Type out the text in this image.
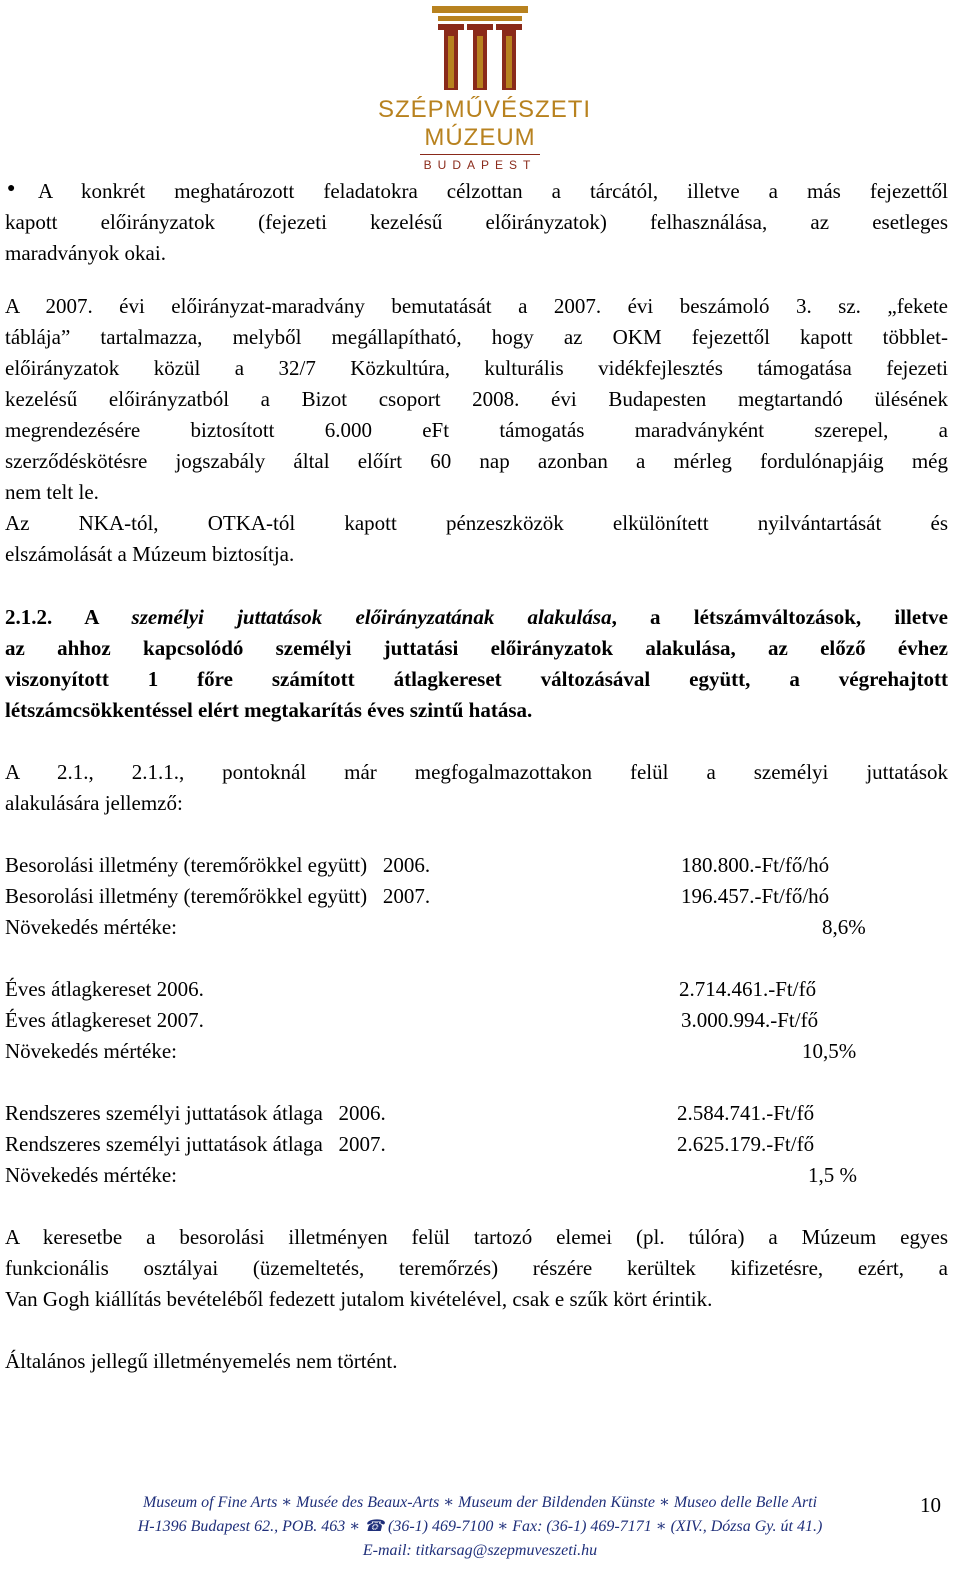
SZÉPMŰVÉSZETI
MÚZEUM
BUDAPEST
● A konkrét meghatározott feladatokra célzottan a tárcától, illetve a más fejezettől
kapott előirányzatok (fejezeti kezelésű előirányzatok) felhasználása, az esetleges
maradványok okai.
A 2007. évi előirányzat-maradvány bemutatását a 2007. évi beszámoló 3. sz. „fekete
táblája” tartalmazza, melyből megállapítható, hogy az OKM fejezettől kapott többlet-
előirányzatok közül a 32/7 Közkultúra, kulturális vidékfejlesztés támogatása fejezeti
kezelésű előirányzatból a Bizot csoport 2008. évi Budapesten megtartandó ülésének
megrendezésére biztosított 6.000 eFt támogatás maradványként szerepel, a
szerződéskötésre jogszabály által előírt 60 nap azonban a mérleg fordulónapjáig még
nem telt le.
Az NKA-tól, OTKA-tól kapott pénzeszközök elkülönített nyilvántartását és
elszámolását a Múzeum biztosítja.
2.1.2. A személyi juttatások előirányzatának alakulása, a létszámváltozások, illetve
az ahhoz kapcsolódó személyi juttatási előirányzatok alakulása, az előző évhez
viszonyított 1 főre számított átlagkereset változásával együtt, a végrehajtott
létszámcsökkentéssel elért megtakarítás éves szintű hatása.
A 2.1., 2.1.1., pontoknál már megfogalmazottakon felül a személyi juttatások
alakulására jellemző:
Besorolási illetmény (teremőrökkel együtt)   2006.	180.800.-Ft/fő/hó
Besorolási illetmény (teremőrökkel együtt)   2007.	196.457.-Ft/fő/hó
Növekedés mértéke:	8,6%
Éves átlagkereset 2006.	2.714.461.-Ft/fő
Éves átlagkereset 2007.	3.000.994.-Ft/fő
Növekedés mértéke:	10,5%
Rendszeres személyi juttatások átlaga   2006.	2.584.741.-Ft/fő
Rendszeres személyi juttatások átlaga   2007.	2.625.179.-Ft/fő
Növekedés mértéke:	1,5 %
A keresetbe a besorolási illetményen felül tartozó elemei (pl. túlóra) a Múzeum egyes
funkcionális osztályai (üzemeltetés, teremőrzés) részére kerültek kifizetésre, ezért, a
Van Gogh kiállítás bevételéből fedezett jutalom kivételével, csak e szűk kört érintik.
Általános jellegű illetményemelés nem történt.
Museum of Fine Arts ∗ Musée des Beaux-Arts ∗ Museum der Bildenden Künste ∗ Museo delle Belle Arti
H-1396 Budapest 62., POB. 463 ∗ ☎ (36-1) 469-7100 ∗ Fax: (36-1) 469-7171 ∗ (XIV., Dózsa Gy. út 41.)
E-mail: titkarsag@szepmuveszeti.hu
10
